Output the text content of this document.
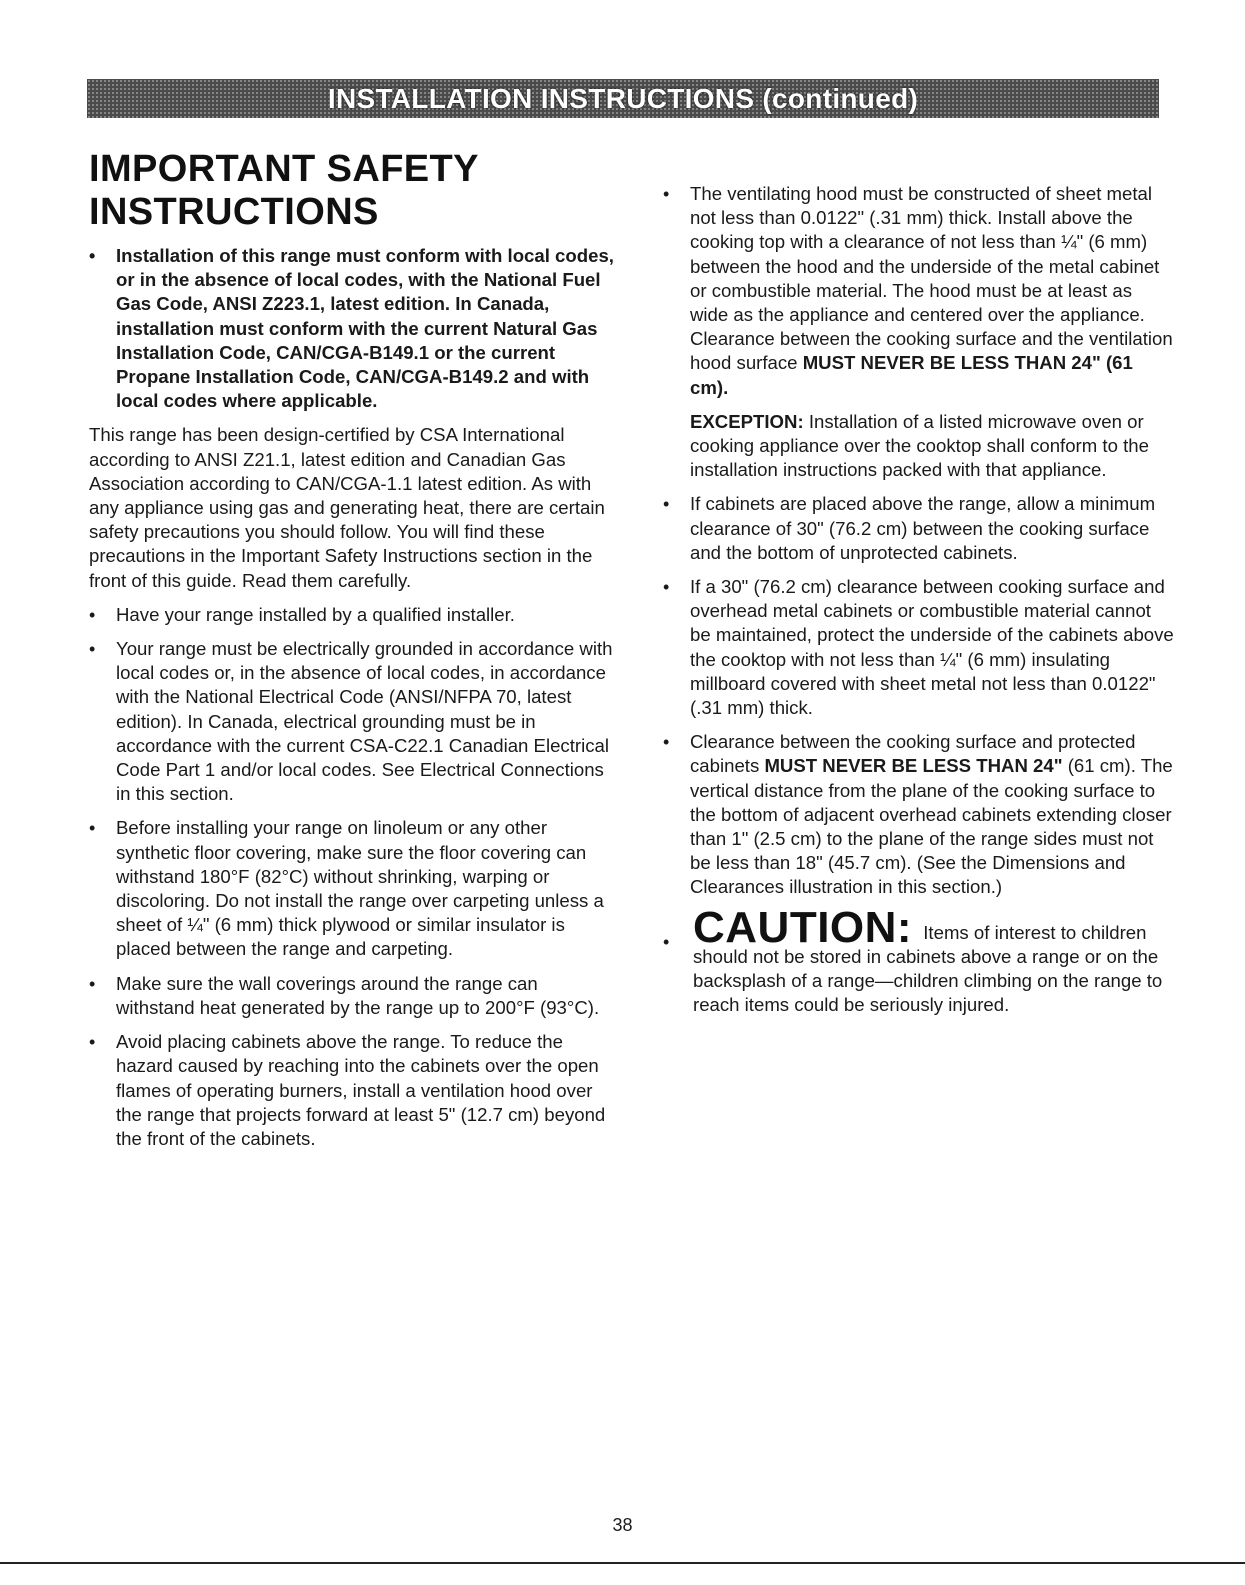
INSTALLATION INSTRUCTIONS (continued)
IMPORTANT SAFETY
INSTRUCTIONS
• Installation of this range must conform with local codes, or in the absence of local codes, with the National Fuel Gas Code, ANSI Z223.1, latest edition. In Canada, installation must conform with the current Natural Gas Installation Code, CAN/CGA-B149.1 or the current Propane Installation Code, CAN/CGA-B149.2 and with local codes where applicable.

This range has been design-certified by CSA International according to ANSI Z21.1, latest edition and Canadian Gas Association according to CAN/CGA-1.1 latest edition. As with any appliance using gas and generating heat, there are certain safety precautions you should follow. You will find these precautions in the Important Safety Instructions section in the front of this guide. Read them carefully.

• Have your range installed by a qualified installer.
• Your range must be electrically grounded in accordance with local codes or, in the absence of local codes, in accordance with the National Electrical Code (ANSI/NFPA 70, latest edition). In Canada, electrical grounding must be in accordance with the current CSA-C22.1 Canadian Electrical Code Part 1 and/or local codes. See Electrical Connections in this section.
• Before installing your range on linoleum or any other synthetic floor covering, make sure the floor covering can withstand 180°F (82°C) without shrinking, warping or discoloring. Do not install the range over carpeting unless a sheet of ¼" (6 mm) thick plywood or similar insulator is placed between the range and carpeting.
• Make sure the wall coverings around the range can withstand heat generated by the range up to 200°F (93°C).
• Avoid placing cabinets above the range. To reduce the hazard caused by reaching into the cabinets over the open flames of operating burners, install a ventilation hood over the range that projects forward at least 5" (12.7 cm) beyond the front of the cabinets.
• The ventilating hood must be constructed of sheet metal not less than 0.0122" (.31 mm) thick. Install above the cooking top with a clearance of not less than ¼" (6 mm) between the hood and the underside of the metal cabinet or combustible material. The hood must be at least as wide as the appliance and centered over the appliance. Clearance between the cooking surface and the ventilation hood surface MUST NEVER BE LESS THAN 24" (61 cm).
EXCEPTION: Installation of a listed microwave oven or cooking appliance over the cooktop shall conform to the installation instructions packed with that appliance.
• If cabinets are placed above the range, allow a minimum clearance of 30" (76.2 cm) between the cooking surface and the bottom of unprotected cabinets.
• If a 30" (76.2 cm) clearance between cooking surface and overhead metal cabinets or combustible material cannot be maintained, protect the underside of the cabinets above the cooktop with not less than ¼" (6 mm) insulating millboard covered with sheet metal not less than 0.0122" (.31 mm) thick.
• Clearance between the cooking surface and protected cabinets MUST NEVER BE LESS THAN 24" (61 cm). The vertical distance from the plane of the cooking surface to the bottom of adjacent overhead cabinets extending closer than 1" (2.5 cm) to the plane of the range sides must not be less than 18" (45.7 cm). (See the Dimensions and Clearances illustration in this section.)
• CAUTION: Items of interest to children should not be stored in cabinets above a range or on the backsplash of a range—children climbing on the range to reach items could be seriously injured.
38
